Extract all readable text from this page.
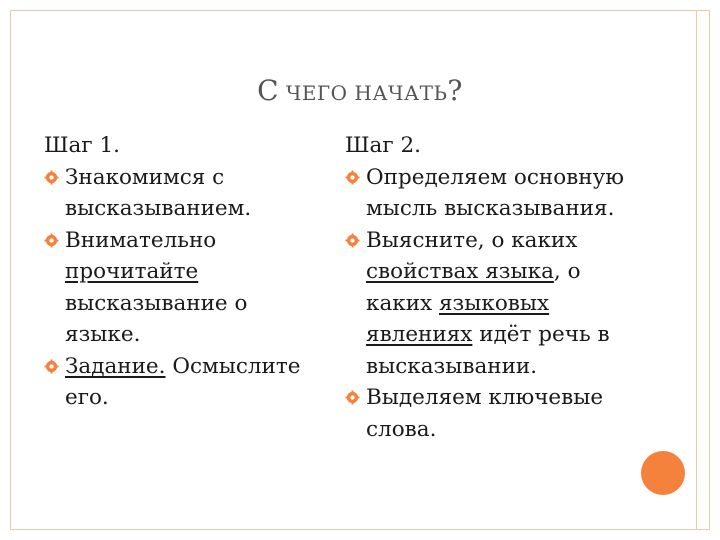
С ЧЕГО НАЧАТЬ?
Шаг 1.
Знакомимся с высказыванием.
Внимательно прочитайте высказывание о языке.
Задание. Осмыслите его.
Шаг 2.
Определяем основную мысль высказывания.
Выясните, о каких свойствах языка, о каких языковых явлениях идёт речь в высказывании.
Выделяем ключевые слова.
